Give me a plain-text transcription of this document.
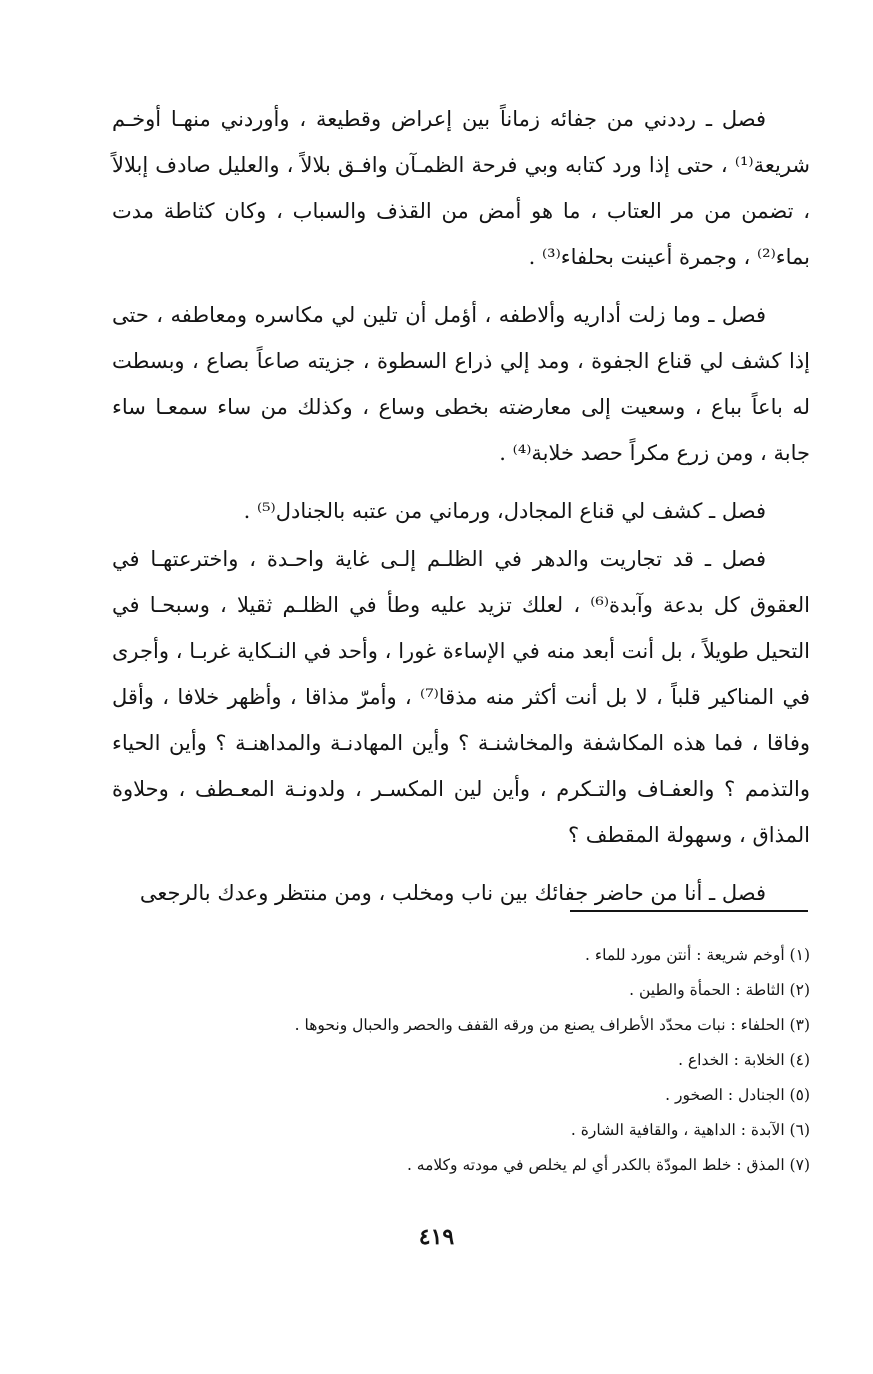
فصل ـ رددني من جفائه زماناً بين إعراض وقطيعة ، وأوردني منهـا أوخـم شريعة⁽¹⁾ ، حتى إذا ورد كتابه وبي فرحة الظمـآن وافـق بلالاً ، والعليل صادف إبلالاً ، تضمن من مر العتاب ، ما هو أمض من القذف والسباب ، وكان كثاطة مدت بماء⁽²⁾ ، وجمرة أعينت بحلفاء⁽³⁾ .

فصل ـ وما زلت أداريه وألاطفه ، أؤمل أن تلين لي مكاسره ومعاطفه ، حتى إذا كشف لي قناع الجفوة ، ومد إلي ذراع السطوة ، جزيته صاعاً بصاع ، وبسطت له باعاً بباع ، وسعيت إلى معارضته بخطى وساع ، وكذلك من ساء سمعـا ساء جابة ، ومن زرع مكراً حصد خلابة⁽⁴⁾ .

فصل ـ كشف لي قناع المجادل، ورماني من عتبه بالجنادل⁽⁵⁾ .

فصل ـ قد تجاريت والدهر في الظلـم إلـى غاية واحـدة ، واخترعتهـا في العقوق كل بدعة وآبدة⁽⁶⁾ ، لعلك تزيد عليه وطأ في الظلـم ثقيلا ، وسبحـا في التحيل طويلاً ، بل أنت أبعد منه في الإساءة غورا ، وأحد في النـكاية غربـا ، وأجرى في المناكير قلباً ، لا بل أنت أكثر منه مذقا⁽⁷⁾ ، وأمرّ مذاقا ، وأظهر خلافا ، وأقل وفاقا ، فما هذه المكاشفة والمخاشنـة ؟ وأين المهادنـة والمداهنـة ؟ وأين الحياء والتذمم ؟ والعفـاف والتـكرم ، وأين لين المكسـر ، ولدونـة المعـطف ، وحلاوة المذاق ، وسهولة المقطف ؟

فصل ـ أنا من حاضر جفائك بين ناب ومخلب ، ومن منتظر وعدك بالرجعى

(١) أوخم شريعة : أنتن مورد للماء .
(٢) الثاطة : الحمأة والطين .
(٣) الحلفاء : نبات محدّد الأطراف يصنع من ورقه القفف والحصر والحبال ونحوها .
(٤) الخلابة : الخداع .
(٥) الجنادل : الصخور .
(٦) الآبدة : الداهية ، والقافية الشارة .
(٧) المذق : خلط المودّة بالكدر أي لم يخلص في مودته وكلامه .
٤١٩
